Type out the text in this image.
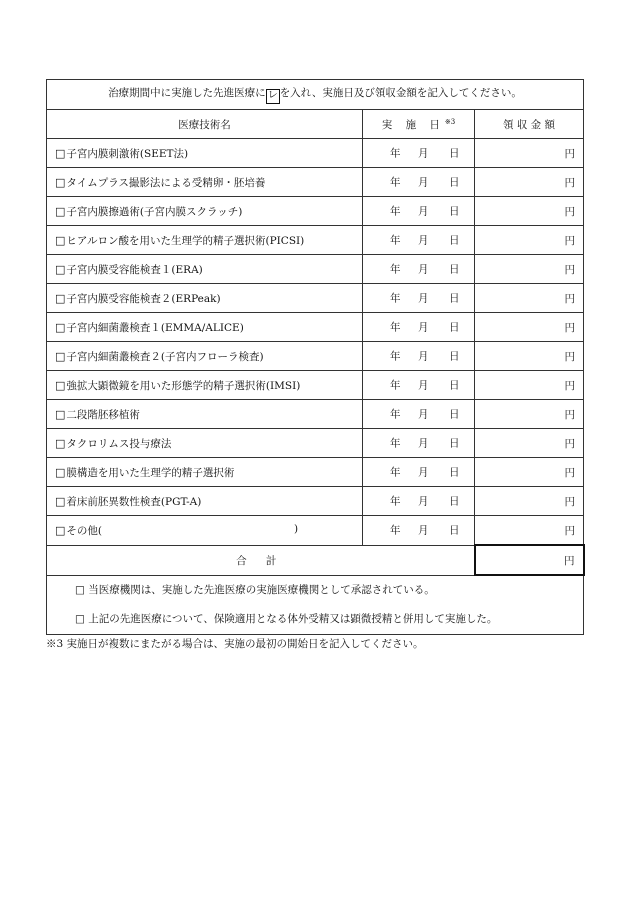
治療期間中に実施した先進医療に レ を入れ、実施日及び領収金額を記入してください。		
医療技術名	実 施 日$^{※3}$	領 収 金 額
□子宮内膜刺激術(SEET法)	年 月 日	円
□タイムプラス撮影法による受精卵・胚培養	年 月 日	円
□子宮内膜擦過術(子宮内膜スクラッチ)	年 月 日	円
□ヒアルロン酸を用いた生理学的精子選択術(PICSI)	年 月 日	円
□子宮内膜受容能検査１(ERA)	年 月 日	円
□子宮内膜受容能検査２(ERPeak)	年 月 日	円
□子宮内細菌叢検査１(EMMA/ALICE)	年 月 日	円
□子宮内細菌叢検査２(子宮内フローラ検査)	年 月 日	円
□強拡大顕微鏡を用いた形態学的精子選択術(IMSI)	年 月 日	円
□二段階胚移植術	年 月 日	円
□タクロリムス投与療法	年 月 日	円
□膜構造を用いた生理学的精子選択術	年 月 日	円
□着床前胚異数性検査(PGT-A)	年 月 日	円
□その他( )	年 月 日	円
合 計		円

□ 当医療機関は、実施した先進医療の実施医療機関として承認されている。
□ 上記の先進医療について、保険適用となる体外受精又は顕微授精と併用して実施した。		
※3 実施日が複数にまたがる場合は、実施の最初の開始日を記入してください。
